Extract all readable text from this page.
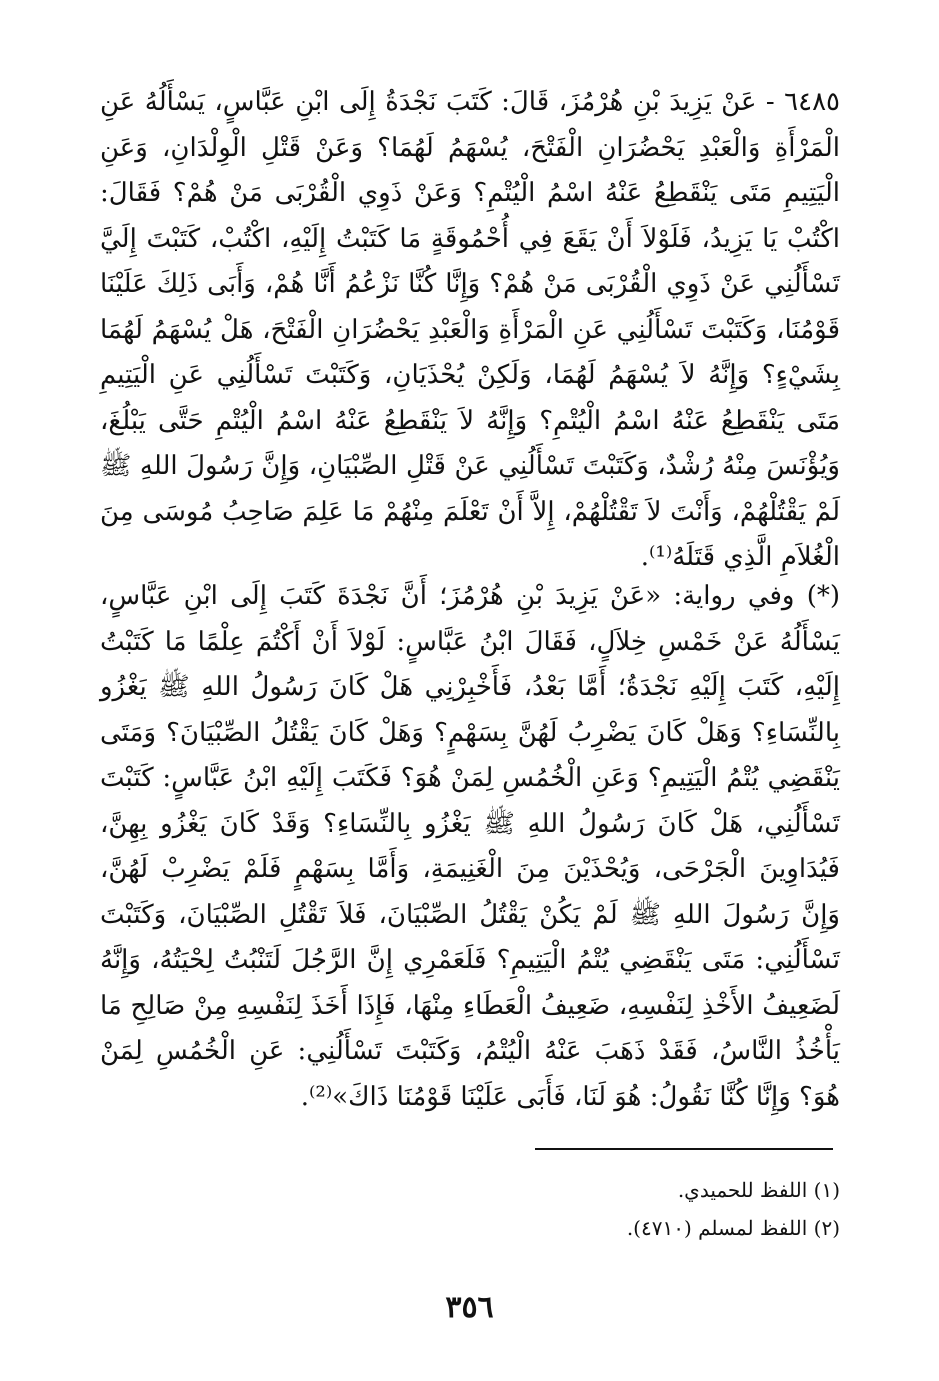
٦٤٨٥ - عَنْ يَزِيدَ بْنِ هُرْمُزَ، قَالَ: كَتَبَ نَجْدَةُ إِلَى ابْنِ عَبَّاسٍ، يَسْأَلُهُ عَنِ الْمَرْأَةِ وَالْعَبْدِ يَحْضُرَانِ الْفَتْحَ، يُسْهَمُ لَهُمَا؟ وَعَنْ قَتْلِ الْوِلْدَانِ، وَعَنِ الْيَتِيمِ مَتَى يَنْقَطِعُ عَنْهُ اسْمُ الْيُتْمِ؟ وَعَنْ ذَوِي الْقُرْبَى مَنْ هُمْ؟ فَقَالَ: اكْتُبْ يَا يَزِيدُ، فَلَوْلاَ أَنْ يَقَعَ فِي أُحْمُوقَةٍ مَا كَتَبْتُ إِلَيْهِ، اكْتُبْ، كَتَبْتَ إِلَيَّ تَسْأَلُنِي عَنْ ذَوِي الْقُرْبَى مَنْ هُمْ؟ وَإِنَّا كُنَّا نَزْعُمُ أَنَّا هُمْ، وَأَبَى ذَلِكَ عَلَيْنَا قَوْمُنَا، وَكَتَبْتَ تَسْأَلُنِي عَنِ الْمَرْأَةِ وَالْعَبْدِ يَحْضُرَانِ الْفَتْحَ، هَلْ يُسْهَمُ لَهُمَا بِشَيْءٍ؟ وَإِنَّهُ لاَ يُسْهَمُ لَهُمَا، وَلَكِنْ يُحْذَيَانِ، وَكَتَبْتَ تَسْأَلُنِي عَنِ الْيَتِيمِ مَتَى يَنْقَطِعُ عَنْهُ اسْمُ الْيُتْمِ؟ وَإِنَّهُ لاَ يَنْقَطِعُ عَنْهُ اسْمُ الْيُتْمِ حَتَّى يَبْلُغَ، وَيُؤْنَسَ مِنْهُ رُشْدٌ، وَكَتَبْتَ تَسْأَلُنِي عَنْ قَتْلِ الصِّبْيَانِ، وَإِنَّ رَسُولَ اللهِ ﷺ لَمْ يَقْتُلْهُمْ، وَأَنْتَ لاَ تَقْتُلْهُمْ، إِلاَّ أَنْ تَعْلَمَ مِنْهُمْ مَا عَلِمَ صَاحِبُ مُوسَى مِنَ الْغُلاَمِ الَّذِي قَتَلَهُ⁽¹⁾.

(*) وفي رواية: «عَنْ يَزِيدَ بْنِ هُرْمُزَ؛ أَنَّ نَجْدَةَ كَتَبَ إِلَى ابْنِ عَبَّاسٍ، يَسْأَلُهُ عَنْ خَمْسِ خِلاَلٍ، فَقَالَ ابْنُ عَبَّاسٍ: لَوْلاَ أَنْ أَكْتُمَ عِلْمًا مَا كَتَبْتُ إِلَيْهِ، كَتَبَ إِلَيْهِ نَجْدَةُ؛ أَمَّا بَعْدُ، فَأَخْبِرْنِي هَلْ كَانَ رَسُولُ اللهِ ﷺ يَغْزُو بِالنِّسَاءِ؟ وَهَلْ كَانَ يَضْرِبُ لَهُنَّ بِسَهْمٍ؟ وَهَلْ كَانَ يَقْتُلُ الصِّبْيَانَ؟ وَمَتَى يَنْقَضِي يُتْمُ الْيَتِيمِ؟ وَعَنِ الْخُمُسِ لِمَنْ هُوَ؟ فَكَتَبَ إِلَيْهِ ابْنُ عَبَّاسٍ: كَتَبْتَ تَسْأَلُنِي، هَلْ كَانَ رَسُولُ اللهِ ﷺ يَغْزُو بِالنِّسَاءِ؟ وَقَدْ كَانَ يَغْزُو بِهِنَّ، فَيُدَاوِينَ الْجَرْحَى، وَيُحْذَيْنَ مِنَ الْغَنِيمَةِ، وَأَمَّا بِسَهْمٍ فَلَمْ يَضْرِبْ لَهُنَّ، وَإِنَّ رَسُولَ اللهِ ﷺ لَمْ يَكُنْ يَقْتُلُ الصِّبْيَانَ، فَلاَ تَقْتُلِ الصِّبْيَانَ، وَكَتَبْتَ تَسْأَلُنِي: مَتَى يَنْقَضِي يُتْمُ الْيَتِيمِ؟ فَلَعَمْرِي إِنَّ الرَّجُلَ لَتَنْبُتُ لِحْيَتُهُ، وَإِنَّهُ لَضَعِيفُ الأَخْذِ لِنَفْسِهِ، ضَعِيفُ الْعَطَاءِ مِنْهَا، فَإِذَا أَخَذَ لِنَفْسِهِ مِنْ صَالِحِ مَا يَأْخُذُ النَّاسُ، فَقَدْ ذَهَبَ عَنْهُ الْيُتْمُ، وَكَتَبْتَ تَسْأَلُنِي: عَنِ الْخُمُسِ لِمَنْ هُوَ؟ وَإِنَّا كُنَّا نَقُولُ: هُوَ لَنَا، فَأَبَى عَلَيْنَا قَوْمُنَا ذَاكَ»⁽²⁾.

(١) اللفظ للحميدي.

(٢) اللفظ لمسلم (٤٧١٠).

٣٥٦
